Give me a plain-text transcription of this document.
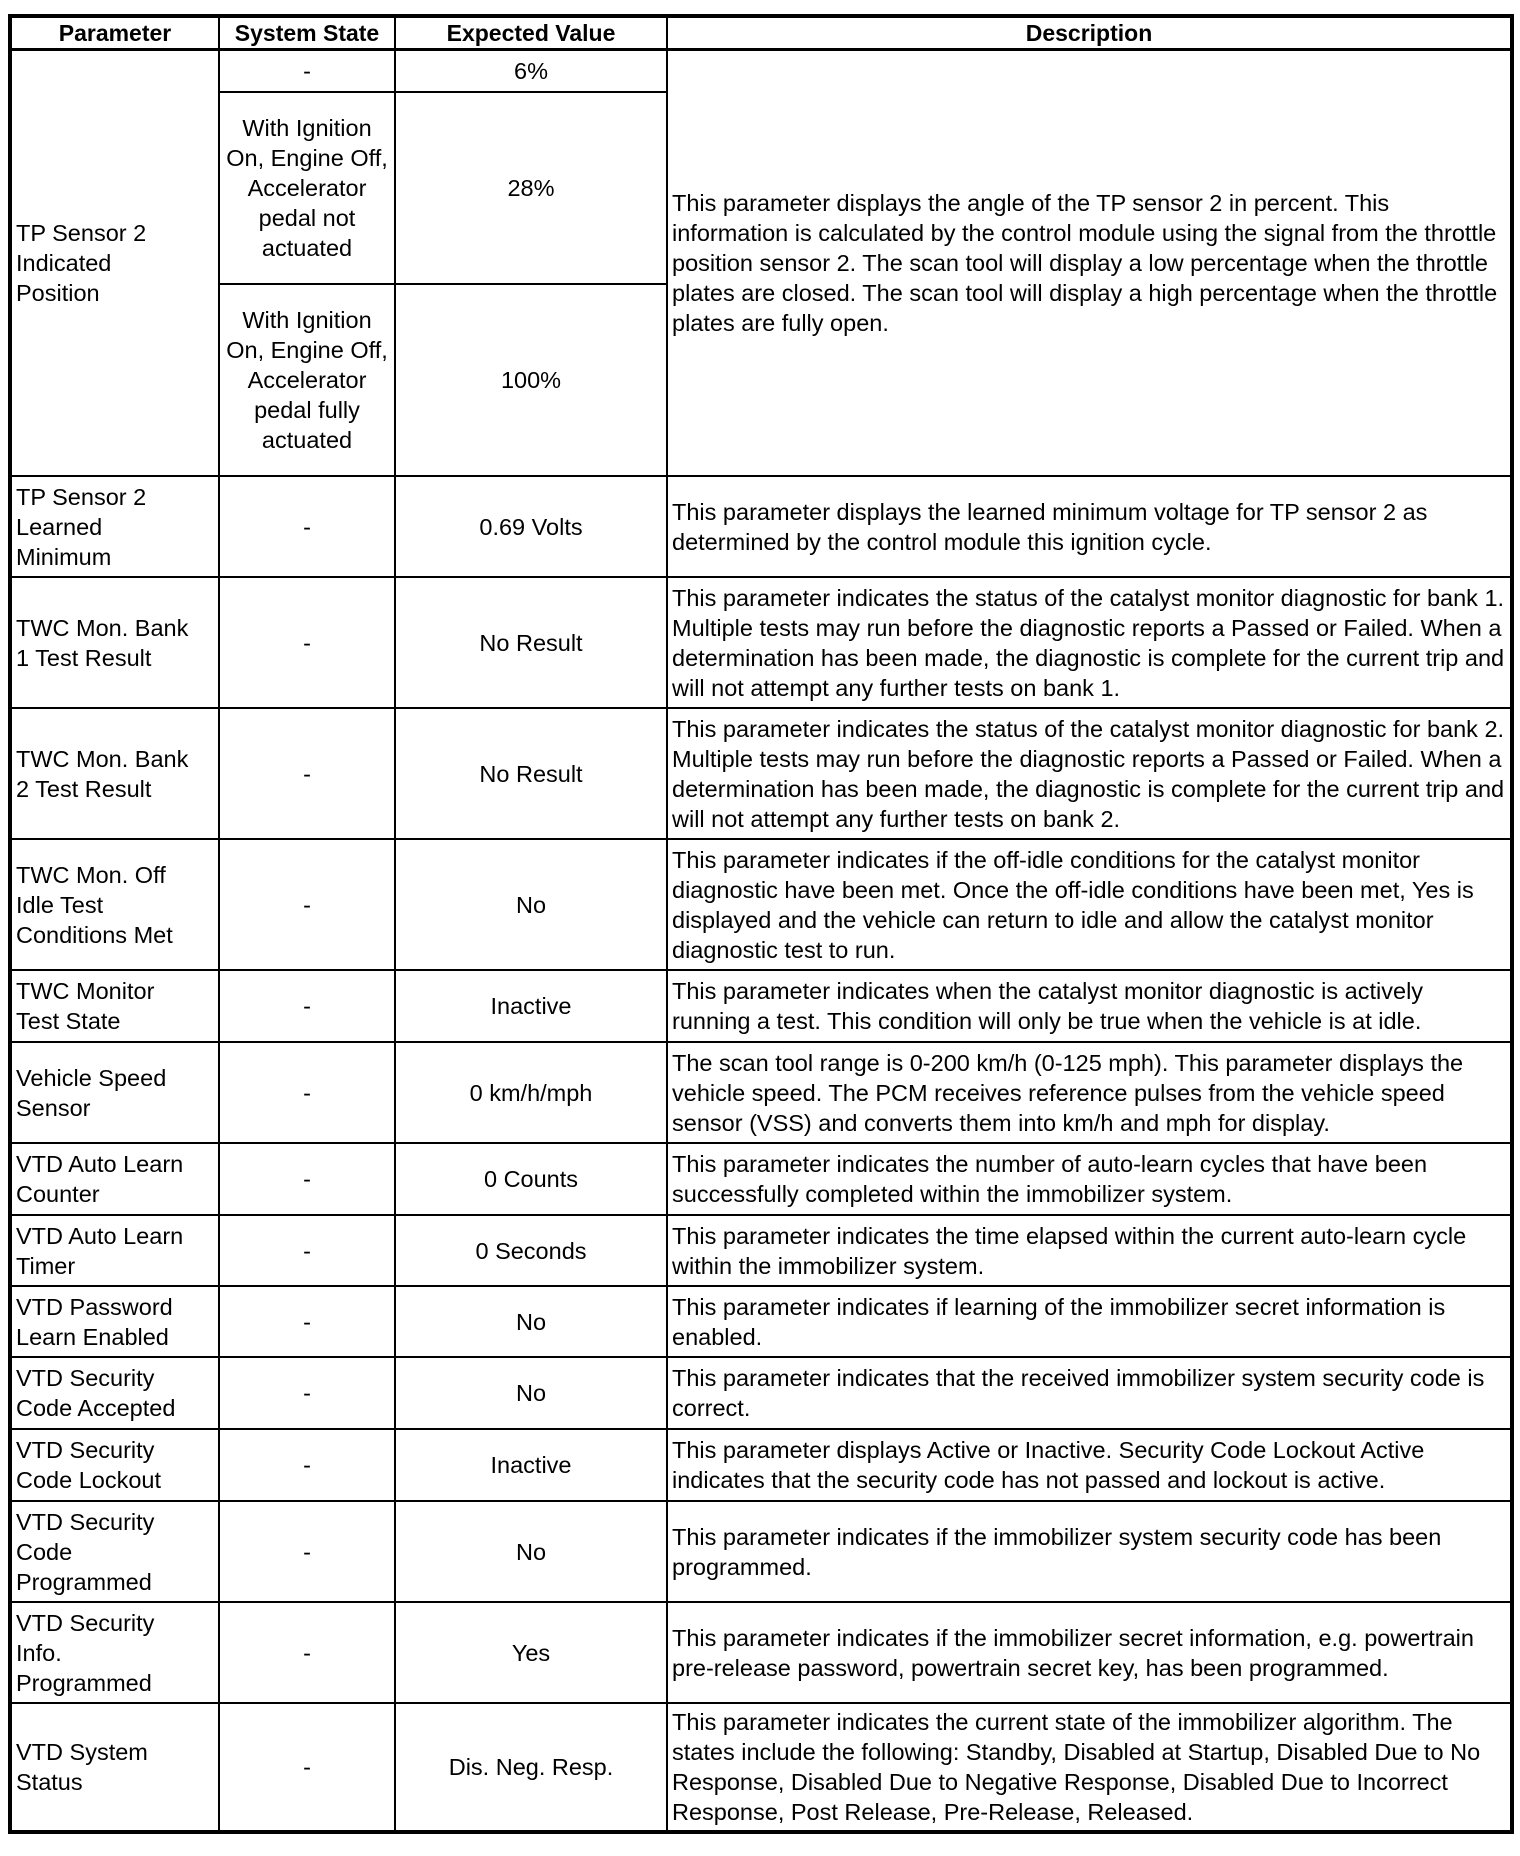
Parameter	System State	Expected Value	Description
TP Sensor 2 Indicated Position	-	6%	This parameter displays the angle of the TP sensor 2 in percent. This information is calculated by the control module using the signal from the throttle position sensor 2. The scan tool will display a low percentage when the throttle plates are closed. The scan tool will display a high percentage when the throttle plates are fully open.
	With Ignition On, Engine Off, Accelerator pedal not actuated	28%	
	With Ignition On, Engine Off, Accelerator pedal fully actuated	100%	
TP Sensor 2 Learned Minimum	-	0.69 Volts	This parameter displays the learned minimum voltage for TP sensor 2 as determined by the control module this ignition cycle.
TWC Mon. Bank 1 Test Result	-	No Result	This parameter indicates the status of the catalyst monitor diagnostic for bank 1. Multiple tests may run before the diagnostic reports a Passed or Failed. When a determination has been made, the diagnostic is complete for the current trip and will not attempt any further tests on bank 1.
TWC Mon. Bank 2 Test Result	-	No Result	This parameter indicates the status of the catalyst monitor diagnostic for bank 2. Multiple tests may run before the diagnostic reports a Passed or Failed. When a determination has been made, the diagnostic is complete for the current trip and will not attempt any further tests on bank 2.
TWC Mon. Off Idle Test Conditions Met	-	No	This parameter indicates if the off-idle conditions for the catalyst monitor diagnostic have been met. Once the off-idle conditions have been met, Yes is displayed and the vehicle can return to idle and allow the catalyst monitor diagnostic test to run.
TWC Monitor Test State	-	Inactive	This parameter indicates when the catalyst monitor diagnostic is actively running a test. This condition will only be true when the vehicle is at idle.
Vehicle Speed Sensor	-	0 km/h/mph	The scan tool range is 0-200 km/h (0-125 mph). This parameter displays the vehicle speed. The PCM receives reference pulses from the vehicle speed sensor (VSS) and converts them into km/h and mph for display.
VTD Auto Learn Counter	-	0 Counts	This parameter indicates the number of auto-learn cycles that have been successfully completed within the immobilizer system.
VTD Auto Learn Timer	-	0 Seconds	This parameter indicates the time elapsed within the current auto-learn cycle within the immobilizer system.
VTD Password Learn Enabled	-	No	This parameter indicates if learning of the immobilizer secret information is enabled.
VTD Security Code Accepted	-	No	This parameter indicates that the received immobilizer system security code is correct.
VTD Security Code Lockout	-	Inactive	This parameter displays Active or Inactive. Security Code Lockout Active indicates that the security code has not passed and lockout is active.
VTD Security Code Programmed	-	No	This parameter indicates if the immobilizer system security code has been programmed.
VTD Security Info. Programmed	-	Yes	This parameter indicates if the immobilizer secret information, e.g. powertrain pre-release password, powertrain secret key, has been programmed.
VTD System Status	-	Dis. Neg. Resp.	This parameter indicates the current state of the immobilizer algorithm. The states include the following: Standby, Disabled at Startup, Disabled Due to No Response, Disabled Due to Negative Response, Disabled Due to Incorrect Response, Post Release, Pre-Release, Released.
